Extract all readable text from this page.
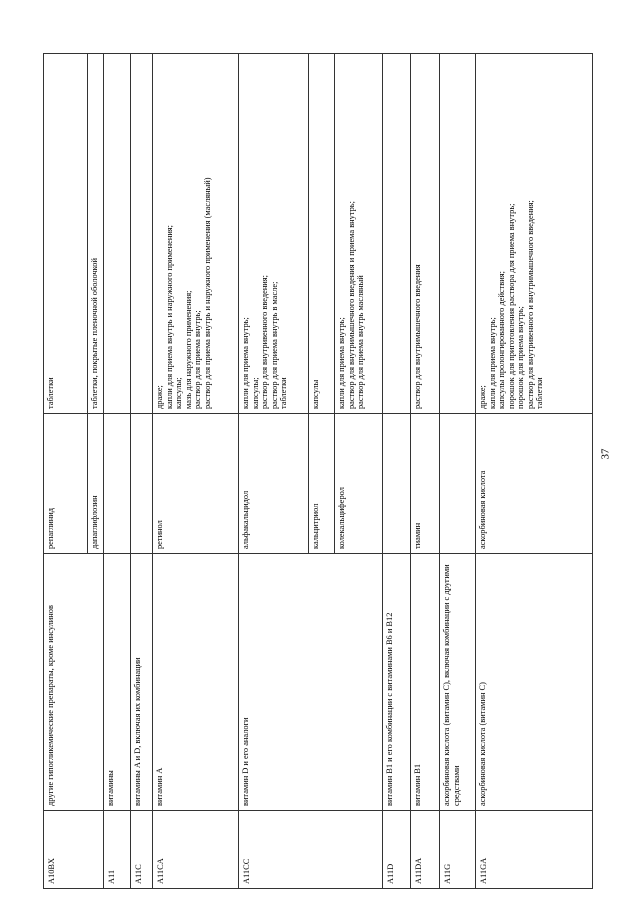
A10BX
другие гипогликемические препараты, кроме инсулинов
репаглинид
таблетки
дапаглифлозин
таблетки, покрытые пленочной оболочкой
A11
витамины
A11C
витамины A и D, включая их комбинации
A11CA
витамин A
ретинол
драже;
капли для приема внутрь и наружного применения;
капсулы;
мазь для наружного применения;
раствор для приема внутрь;
раствор для приема внутрь и наружного применения (масляный)
A11CC
витамин D и его аналоги
альфакальцидол
капли для приема внутрь;
капсулы;
раствор для внутривенного введения;
раствор для приема внутрь в масле;
таблетки
кальцитриол
капсулы
колекальциферол
капли для приема внутрь;
раствор для внутримышечного введения и приема внутрь;
раствор для приема внутрь масляный
A11D
витамин B1 и его комбинации с витаминами B6 и B12
A11DA
витамин B1
тиамин
раствор для внутримышечного введения
A11G
аскорбиновая кислота (витамин C), включая комбинации с другими средствами
A11GA
аскорбиновая кислота (витамин C)
аскорбиновая кислота
драже;
капли для приема внутрь;
капсулы пролонгированного действия;
порошок для приготовления раствора для приема внутрь;
порошок для приема внутрь;
раствор для внутривенного и внутримышечного введения;
таблетки
37
